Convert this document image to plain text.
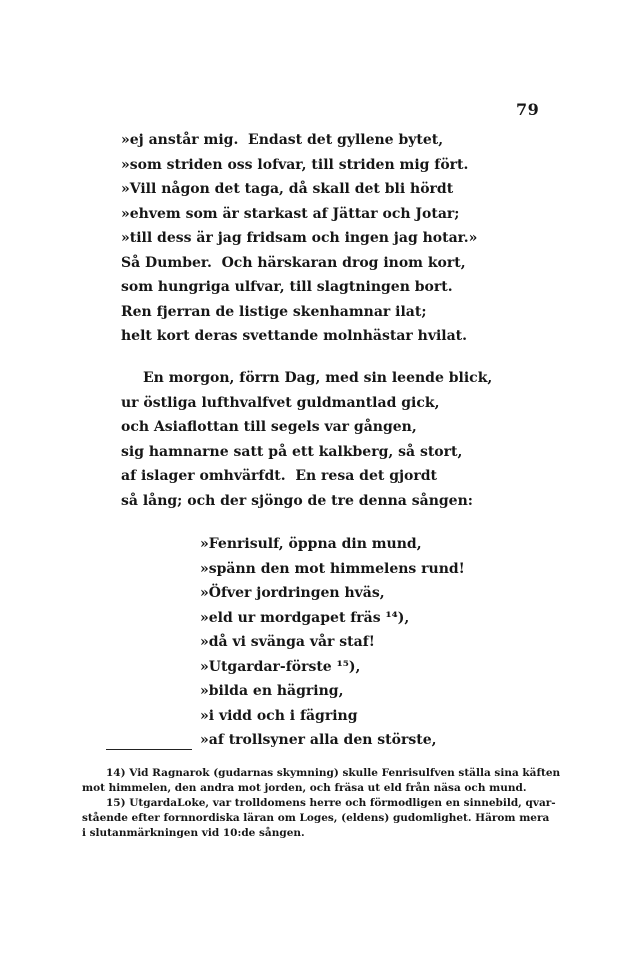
79
»ej anstår mig.  Endast det gyllene bytet,
»som striden oss lofvar, till striden mig fört.
»Vill någon det taga, då skall det bli hördt
»ehvem som är starkast af Jättar och Jotar;
»till dess är jag fridsam och ingen jag hotar.»
Så Dumber.  Och härskaran drog inom kort,
som hungriga ulfvar, till slagtningen bort.
Ren fjerran de listige skenhamnar ilat;
helt kort deras svettande molnhästar hvilat.
En morgon, förrn Dag, med sin leende blick,
ur östliga lufthvalfvet guldmantlad gick,
och Asiaflottan till segels var gången,
sig hamnarne satt på ett kalkberg, så stort,
af islager omhvärfdt.  En resa det gjordt
så lång; och der sjöngo de tre denna sången:
»Fenrisulf, öppna din mund,
»spänn den mot himmelens rund!
»Öfver jordringen hväs,
»eld ur mordgapet fräs ¹⁴),
»då vi svänga vår staf!
»Utgardar-förste ¹⁵),
»bilda en hägring,
»i vidd och i fägring
»af trollsyner alla den störste,
14) Vid Ragnarok (gudarnas skymning) skulle Fenrisulfven ställa sina käften
mot himmelen, den andra mot jorden, och fräsa ut eld från näsa och mund.
15) UtgardaLoke, var trolldomens herre och förmodligen en sinnebild, qvar-
stående efter fornnordiska läran om Loges, (eldens) gudomlighet. Härom mera
i slutanmärkningen vid 10:de sången.
